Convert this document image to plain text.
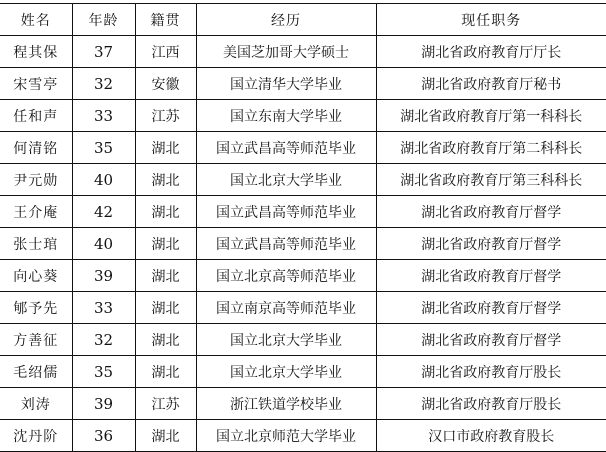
姓名	年龄	籍贯	经历	现任职务
程其保	37	江西	美国芝加哥大学硕士	湖北省政府教育厅厅长
宋雪亭	32	安徽	国立清华大学毕业	湖北省政府教育厅秘书
任和声	33	江苏	国立东南大学毕业	湖北省政府教育厅第一科科长
何清铭	35	湖北	国立武昌高等师范毕业	湖北省政府教育厅第二科科长
尹元勋	40	湖北	国立北京大学毕业	湖北省政府教育厅第三科科长
王介庵	42	湖北	国立武昌高等师范毕业	湖北省政府教育厅督学
张士琯	40	湖北	国立武昌高等师范毕业	湖北省政府教育厅督学
向心葵	39	湖北	国立北京高等师范毕业	湖北省政府教育厅督学
郇予先	33	湖北	国立南京高等师范毕业	湖北省政府教育厅督学
方善征	32	湖北	国立北京大学毕业	湖北省政府教育厅督学
毛绍儒	35	湖北	国立北京大学毕业	湖北省政府教育厅股长
刘涛	39	江苏	浙江铁道学校毕业	湖北省政府教育厅股长
沈丹阶	36	湖北	国立北京师范大学毕业	汉口市政府教育股长
